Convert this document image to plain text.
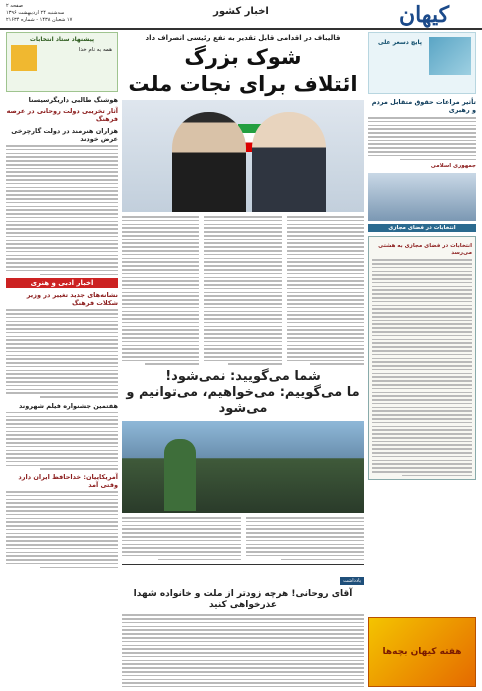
کیهان
اخبار کشور
صفحه ۲
سه‌شنبه ۲۴ اردیبهشت ۱۳۹۶
۱۷ شعبان ۱۴۳۸ - شماره ۲۱۶۳۴
پایچ دسعر علی
تأثیر مراعات حقوق متقابل مردم و رهبری
جمهوری اسلامی
انتخابات در فضای مجازی
انتخابات در فضای مجازی به هشتی می‌رسد
هفته کیهان بچه‌ها
قالیباف در اقدامی قابل تقدیر به نفع رئیسی انصراف داد
شوک بزرگ
ائتلاف برای نجات ملت
شما می‌گویید: نمی‌شود!
ما می‌گوییم: می‌خواهیم، می‌توانیم و می‌شود
یادداشت
آقای روحانی! هرچه زودتر از ملت و خانواده شهدا عذرخواهی کنید
پیشنهاد ستاد انتخابات
همه به نام خدا
هوشنگ طالبی داریگرسیسنا
آثار تخریبی دولت روحانی در عرصه فرهنگ
هزاران هنرمند در دولت‌ گارچرخی عرض خودند
اخبار ادبی و هنری
نشانه‌های جدید تغییر در وزیر شکلات فرهنگ
هفتمین جشنواره فیلم شهروند
آمریکاییان: خداحافظ ایران دارد وقتی آمد
